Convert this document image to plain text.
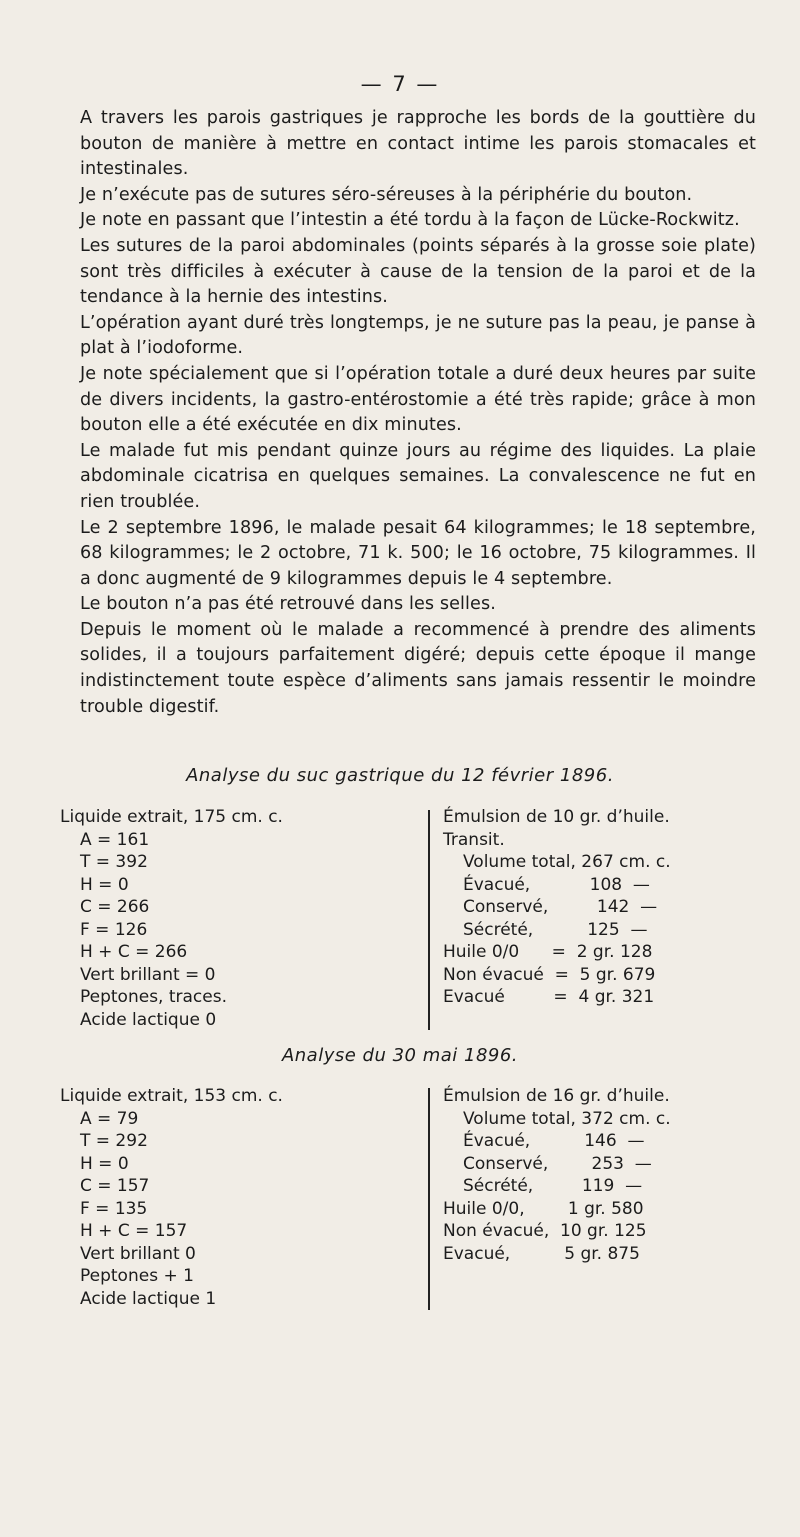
— 7 —

A travers les parois gastriques je rapproche les bords de la gouttière du bouton de manière à mettre en contact intime les parois stomacales et intestinales.

Je n’exécute pas de sutures séro-séreuses à la périphérie du bouton.

Je note en passant que l’intestin a été tordu à la façon de Lücke-Rockwitz.

Les sutures de la paroi abdominales (points séparés à la grosse soie plate) sont très difficiles à exécuter à cause de la tension de la paroi et de la tendance à la hernie des intestins.

L’opération ayant duré très longtemps, je ne suture pas la peau, je panse à plat à l’iodoforme.

Je note spécialement que si l’opération totale a duré deux heures par suite de divers incidents, la gastro-entérostomie a été très rapide; grâce à mon bouton elle a été exécutée en dix minutes.

Le malade fut mis pendant quinze jours au régime des liquides. La plaie abdominale cicatrisa en quelques semaines. La convalescence ne fut en rien troublée.

Le 2 septembre 1896, le malade pesait 64 kilogrammes; le 18 septembre, 68 kilogrammes; le 2 octobre, 71 k. 500; le 16 octobre, 75 kilogrammes. Il a donc augmenté de 9 kilogrammes depuis le 4 septembre.

Le bouton n’a pas été retrouvé dans les selles.

Depuis le moment où le malade a recommencé à prendre des aliments solides, il a toujours parfaitement digéré; depuis cette époque il mange indistinctement toute espèce d’aliments sans jamais ressentir le moindre trouble digestif.

Analyse du suc gastrique du 12 février 1896.
Liquide extrait, 175 cm. c.
A = 161
T = 392
H = 0
C = 266
F = 126
H + C = 266
Vert brillant = 0
Peptones, traces.
Acide lactique 0
Émulsion de 10 gr. d’huile.
Transit.
Volume total, 267 cm. c.
Évacué,           108  —
Conservé,         142  —
Sécrété,          125  —
Huile 0/0      =  2 gr. 128
Non évacué  =  5 gr. 679
Evacué         =  4 gr. 321
Analyse du 30 mai 1896.
Liquide extrait, 153 cm. c.
A = 79
T = 292
H = 0
C = 157
F = 135
H + C = 157
Vert brillant 0
Peptones + 1
Acide lactique 1
Émulsion de 16 gr. d’huile.
Volume total, 372 cm. c.
Évacué,          146  —
Conservé,        253  —
Sécrété,         119  —
Huile 0/0,        1 gr. 580
Non évacué,  10 gr. 125
Evacué,          5 gr. 875
